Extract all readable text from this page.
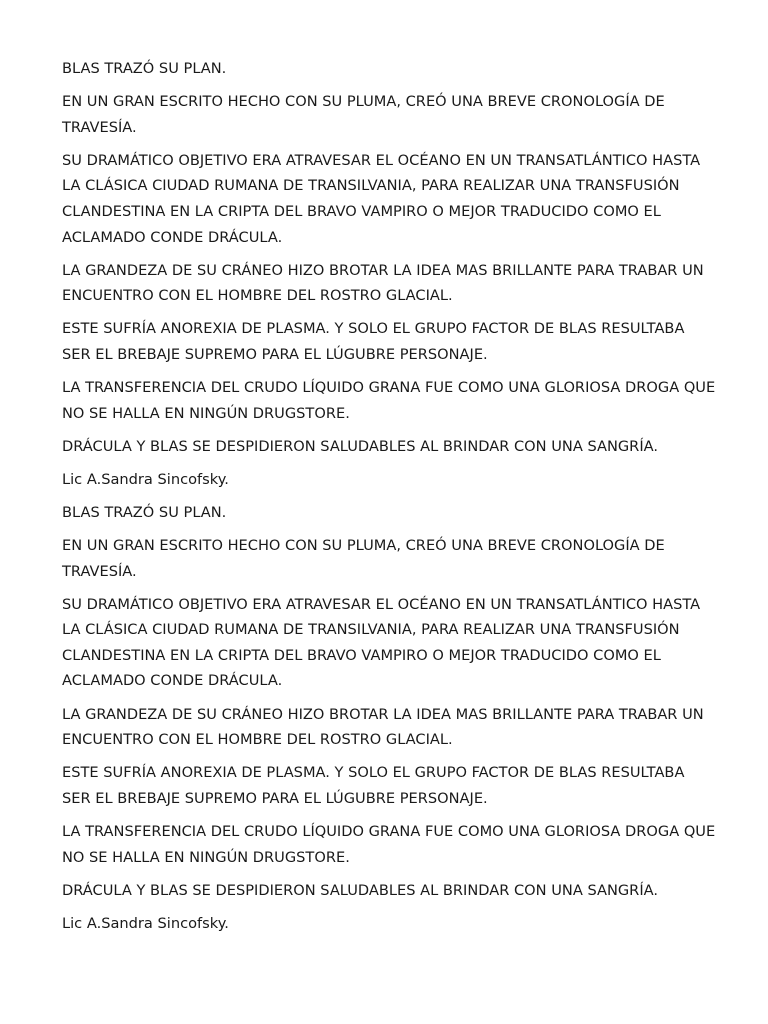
BLAS TRAZÓ SU PLAN.

EN UN GRAN ESCRITO HECHO CON SU PLUMA, CREÓ UNA BREVE CRONOLOGÍA DE TRAVESÍA.

SU DRAMÁTICO OBJETIVO ERA ATRAVESAR EL OCÉANO EN UN TRANSATLÁNTICO HASTA LA CLÁSICA CIUDAD RUMANA DE TRANSILVANIA, PARA REALIZAR UNA TRANSFUSIÓN CLANDESTINA EN LA CRIPTA DEL BRAVO VAMPIRO O MEJOR TRADUCIDO COMO EL ACLAMADO CONDE DRÁCULA.

LA GRANDEZA DE SU CRÁNEO HIZO BROTAR LA IDEA MAS BRILLANTE PARA TRABAR UN ENCUENTRO CON EL HOMBRE DEL ROSTRO GLACIAL.

ESTE SUFRÍA ANOREXIA DE PLASMA. Y SOLO EL GRUPO FACTOR DE BLAS RESULTABA SER EL BREBAJE SUPREMO PARA EL LÚGUBRE PERSONAJE.

LA TRANSFERENCIA DEL CRUDO LÍQUIDO GRANA FUE COMO UNA GLORIOSA DROGA QUE NO SE HALLA EN NINGÚN DRUGSTORE.

DRÁCULA Y BLAS SE DESPIDIERON SALUDABLES AL BRINDAR CON UNA SANGRÍA.

Lic A.Sandra Sincofsky.

BLAS TRAZÓ SU PLAN.

EN UN GRAN ESCRITO HECHO CON SU PLUMA, CREÓ UNA BREVE CRONOLOGÍA DE TRAVESÍA.

SU DRAMÁTICO OBJETIVO ERA ATRAVESAR EL OCÉANO EN UN TRANSATLÁNTICO HASTA LA CLÁSICA CIUDAD RUMANA DE TRANSILVANIA, PARA REALIZAR UNA TRANSFUSIÓN CLANDESTINA EN LA CRIPTA DEL BRAVO VAMPIRO O MEJOR TRADUCIDO COMO EL ACLAMADO CONDE DRÁCULA.

LA GRANDEZA DE SU CRÁNEO HIZO BROTAR LA IDEA MAS BRILLANTE PARA TRABAR UN ENCUENTRO CON EL HOMBRE DEL ROSTRO GLACIAL.

ESTE SUFRÍA ANOREXIA DE PLASMA. Y SOLO EL GRUPO FACTOR DE BLAS RESULTABA SER EL BREBAJE SUPREMO PARA EL LÚGUBRE PERSONAJE.

LA TRANSFERENCIA DEL CRUDO LÍQUIDO GRANA FUE COMO UNA GLORIOSA DROGA QUE NO SE HALLA EN NINGÚN DRUGSTORE.

DRÁCULA Y BLAS SE DESPIDIERON SALUDABLES AL BRINDAR CON UNA SANGRÍA.

Lic A.Sandra Sincofsky.
